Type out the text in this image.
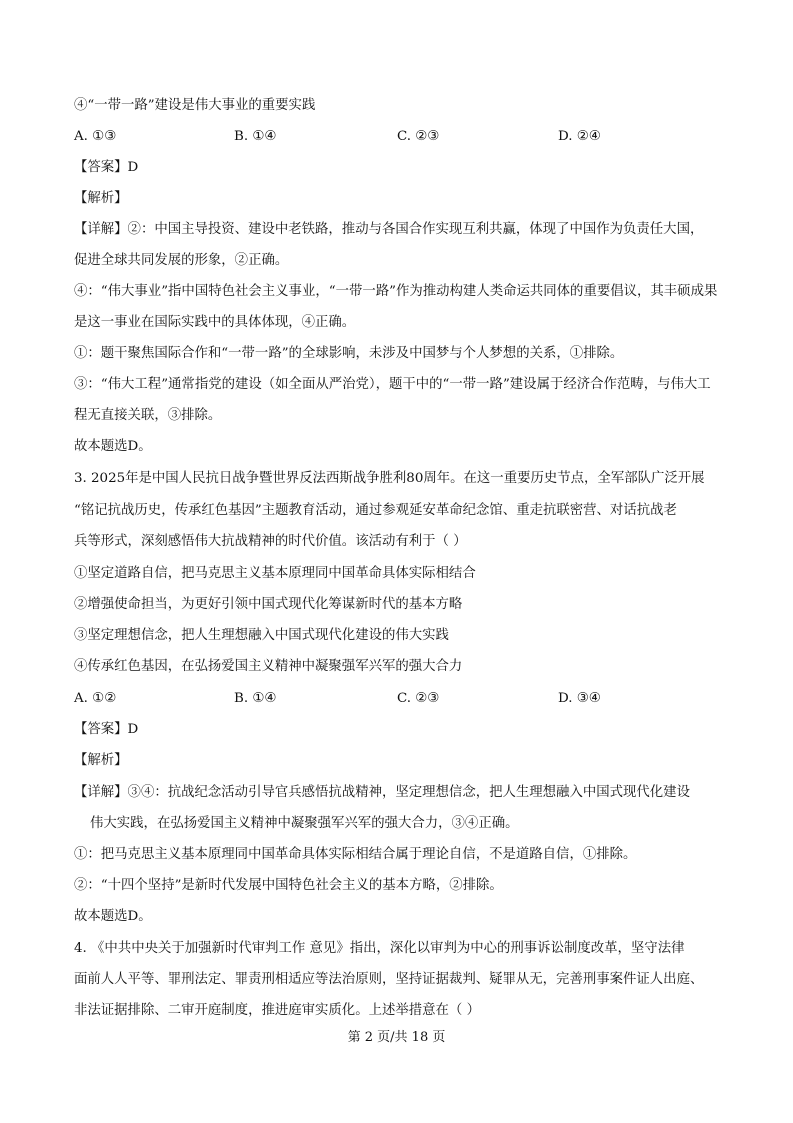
④“一带一路”建设是伟大事业的重要实践
A. ①③	B. ①④	C. ②③	D. ②④
【答案】D
【解析】
【详解】②：中国主导投资、建设中老铁路，推动与各国合作实现互利共赢，体现了中国作为负责任大国，
促进全球共同发展的形象，②正确。
④：“伟大事业”指中国特色社会主义事业，“一带一路”作为推动构建人类命运共同体的重要倡议，其丰硕成果
是这一事业在国际实践中的具体体现，④正确。
①：题干聚焦国际合作和“一带一路”的全球影响，未涉及中国梦与个人梦想的关系，①排除。
③：“伟大工程”通常指党的建设（如全面从严治党），题干中的“一带一路”建设属于经济合作范畴，与伟大工
程无直接关联，③排除。
故本题选D。
3. 2025年是中国人民抗日战争暨世界反法西斯战争胜利80周年。在这一重要历史节点，全军部队广泛开展
“铭记抗战历史，传承红色基因”主题教育活动，通过参观延安革命纪念馆、重走抗联密营、对话抗战老
兵等形式，深刻感悟伟大抗战精神的时代价值。该活动有利于（ ）
①坚定道路自信，把马克思主义基本原理同中国革命具体实际相结合
②增强使命担当，为更好引领中国式现代化筹谋新时代的基本方略
③坚定理想信念，把人生理想融入中国式现代化建设的伟大实践
④传承红色基因，在弘扬爱国主义精神中凝聚强军兴军的强大合力
A. ①②	B. ①④	C. ②③	D. ③④
【答案】D
【解析】
【详解】③④：抗战纪念活动引导官兵感悟抗战精神，坚定理想信念，把人生理想融入中国式现代化建设
伟大实践，在弘扬爱国主义精神中凝聚强军兴军的强大合力，③④正确。
①：把马克思主义基本原理同中国革命具体实际相结合属于理论自信，不是道路自信，①排除。
②：“十四个坚持”是新时代发展中国特色社会主义的基本方略，②排除。
故本题选D。
4. 《中共中央关于加强新时代审判工作 意见》指出，深化以审判为中心的刑事诉讼制度改革，坚守法律
面前人人平等、罪刑法定、罪责刑相适应等法治原则，坚持证据裁判、疑罪从无，完善刑事案件证人出庭、
非法证据排除、二审开庭制度，推进庭审实质化。上述举措意在（ ）
第 2 页/共 18 页
